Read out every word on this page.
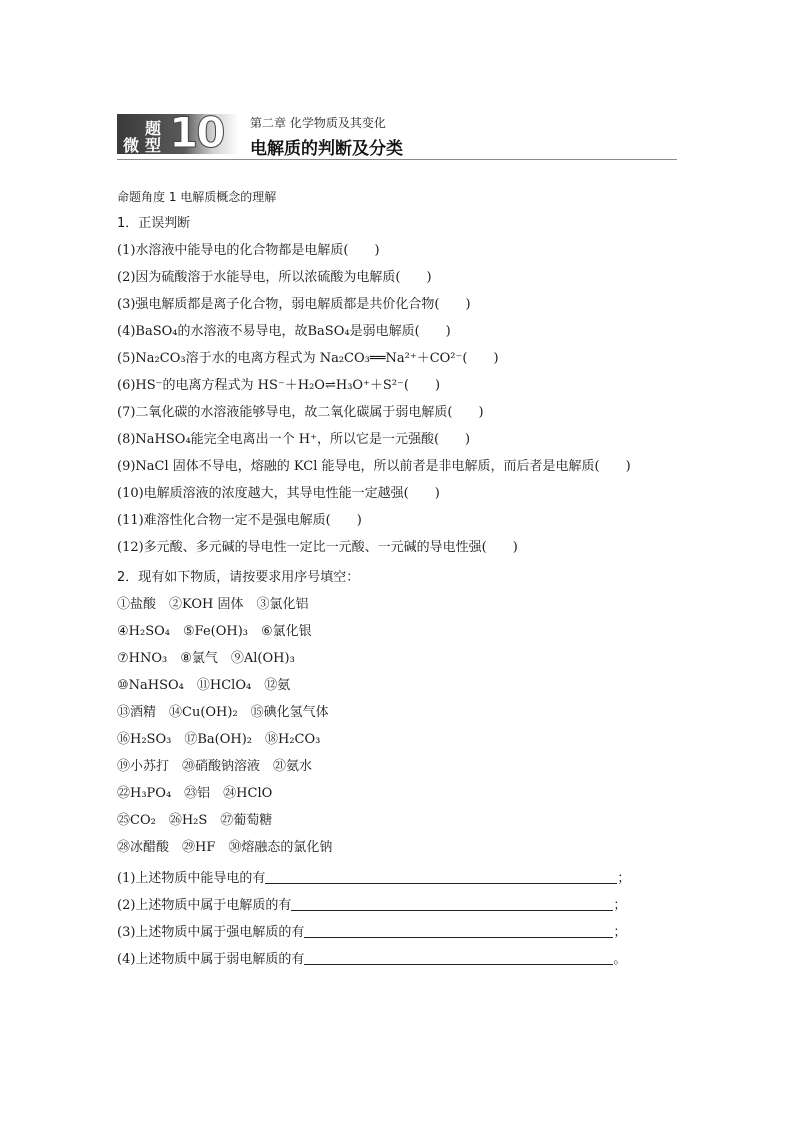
题
微 型 10 第二章 化学物质及其变化
电解质的判断及分类
命题角度 1 电解质概念的理解
1．正误判断
(1)水溶液中能导电的化合物都是电解质(　　)
(2)因为硫酸溶于水能导电，所以浓硫酸为电解质(　　)
(3)强电解质都是离子化合物，弱电解质都是共价化合物(　　)
(4)BaSO₄的水溶液不易导电，故BaSO₄是弱电解质(　　)
(5)Na₂CO₃溶于水的电离方程式为 Na₂CO₃══Na²⁺＋CO²⁻(　　)
(6)HS⁻的电离方程式为 HS⁻＋H₂O⇌H₃O⁺＋S²⁻(　　)
(7)二氧化碳的水溶液能够导电，故二氧化碳属于弱电解质(　　)
(8)NaHSO₄能完全电离出一个 H⁺，所以它是一元强酸(　　)
(9)NaCl 固体不导电，熔融的 KCl 能导电，所以前者是非电解质，而后者是电解质(　　)
(10)电解质溶液的浓度越大，其导电性能一定越强(　　)
(11)难溶性化合物一定不是强电解质(　　)
(12)多元酸、多元碱的导电性一定比一元酸、一元碱的导电性强(　　)
2．现有如下物质，请按要求用序号填空：
①盐酸　②KOH 固体　③氯化铝
④H₂SO₄　⑤Fe(OH)₃　⑥氯化银
⑦HNO₃　⑧氯气　⑨Al(OH)₃
⑩NaHSO₄　⑪HClO₄　⑫氨
⑬酒精　⑭Cu(OH)₂　⑮碘化氢气体
⑯H₂SO₃　⑰Ba(OH)₂　⑱H₂CO₃
⑲小苏打　⑳硝酸钠溶液　㉑氨水
㉒H₃PO₄　㉓铝　㉔HClO
㉕CO₂　㉖H₂S　㉗葡萄糖
㉘冰醋酸　㉙HF　㉚熔融态的氯化钠
(1)上述物质中能导电的有	；
(2)上述物质中属于电解质的有	；
(3)上述物质中属于强电解质的有	；
(4)上述物质中属于弱电解质的有	。
